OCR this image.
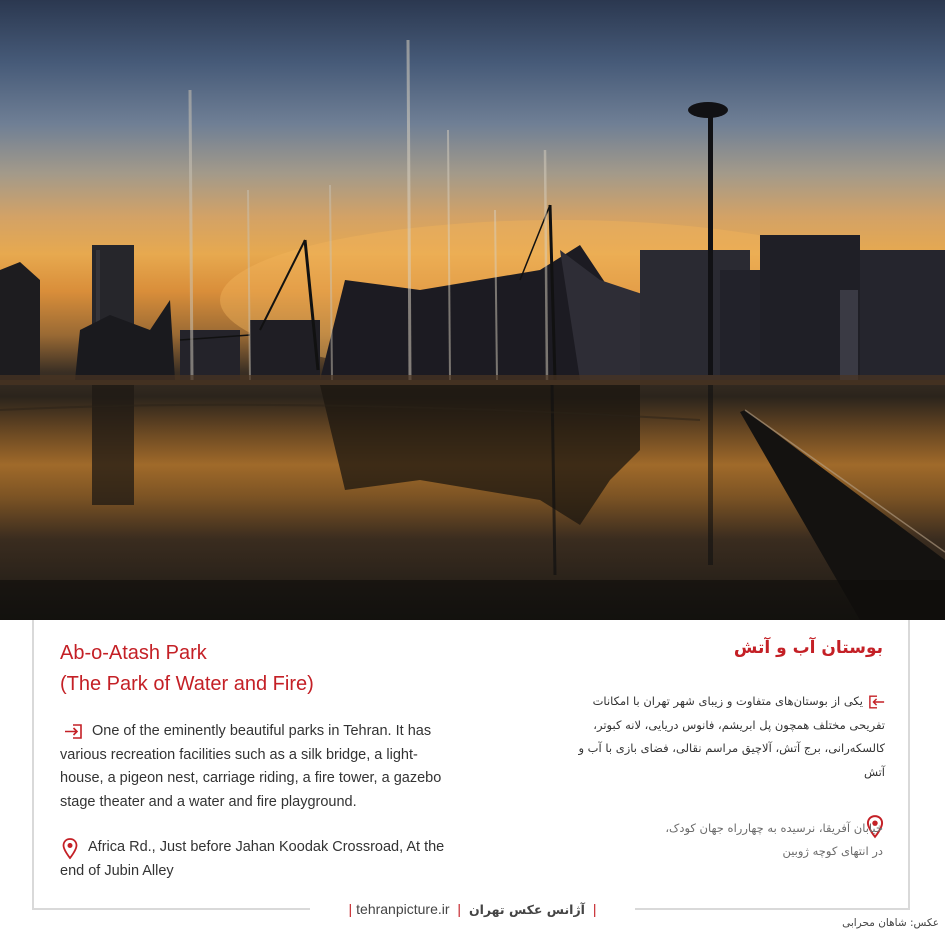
Ab-o-Atash Park
(The Park of Water and Fire)
بوستان آب و آتش

One of the eminently beautiful parks in Tehran. It has various recreation facilities such as a silk bridge, a light-house, a pigeon nest, carriage riding, a fire tower, a gazebo stage theater and a water and fire playground.

یکی از بوستان‌های متفاوت و زیبای شهر تهران با امکانات تفریحی مختلف همچون پل ابریشم، فانوس دریایی، لانه کبوتر، کالسکه‌رانی، برج آتش، آلاچیق مراسم نقالی، فضای بازی با آب و آتش

Africa Rd., Just before Jahan Koodak Crossroad, At the end of Jubin Alley

خیابان آفریقا، نرسیده به چهارراه جهان کودک،
در انتهای کوچه ژوبین

| tehranpicture.ir | آژانس عکس تهران |
عکس: شاهان محرابی
